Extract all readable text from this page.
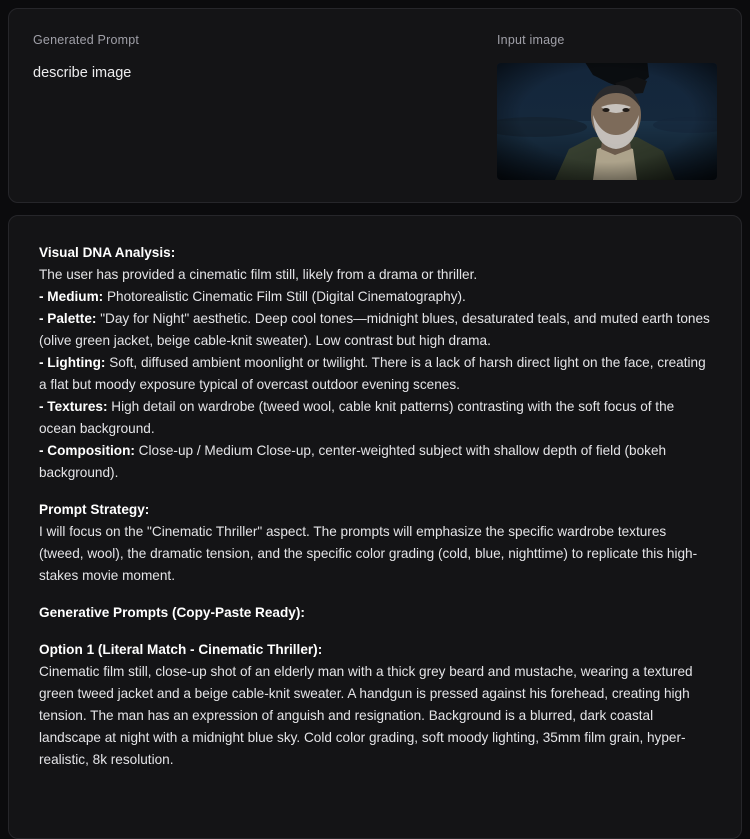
Generated Prompt
describe image
Input image

Visual DNA Analysis:

The user has provided a cinematic film still, likely from a drama or thriller.

- Medium: Photorealistic Cinematic Film Still (Digital Cinematography).

- Palette: "Day for Night" aesthetic. Deep cool tones—midnight blues, desaturated teals, and muted earth tones (olive green jacket, beige cable-knit sweater). Low contrast but high drama.

- Lighting: Soft, diffused ambient moonlight or twilight. There is a lack of harsh direct light on the face, creating a flat but moody exposure typical of overcast outdoor evening scenes.

- Textures: High detail on wardrobe (tweed wool, cable knit patterns) contrasting with the soft focus of the ocean background.

- Composition: Close-up / Medium Close-up, center-weighted subject with shallow depth of field (bokeh background).

Prompt Strategy:

I will focus on the "Cinematic Thriller" aspect. The prompts will emphasize the specific wardrobe textures (tweed, wool), the dramatic tension, and the specific color grading (cold, blue, nighttime) to replicate this high-stakes movie moment.

Generative Prompts (Copy-Paste Ready):

Option 1 (Literal Match - Cinematic Thriller):

Cinematic film still, close-up shot of an elderly man with a thick grey beard and mustache, wearing a textured green tweed jacket and a beige cable-knit sweater. A handgun is pressed against his forehead, creating high tension. The man has an expression of anguish and resignation. Background is a blurred, dark coastal landscape at night with a midnight blue sky. Cold color grading, soft moody lighting, 35mm film grain, hyper-realistic, 8k resolution.
